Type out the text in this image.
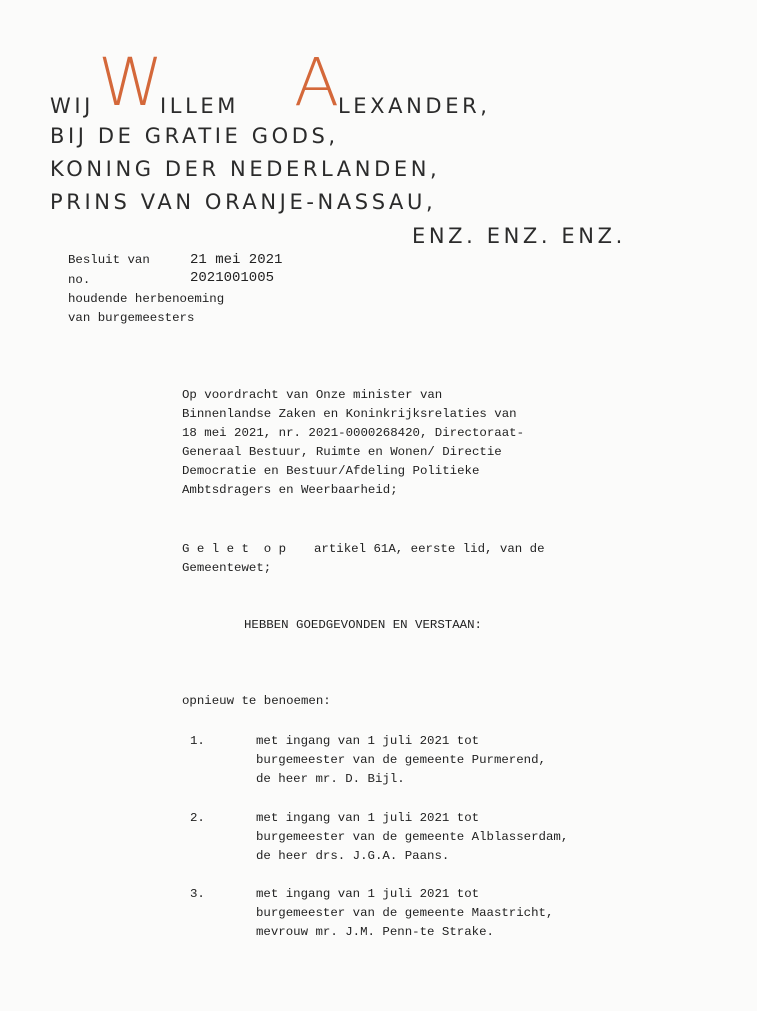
W A
WIJ	ILLEM	LEXANDER,
BIJ DE GRATIE GODS,
KONING DER NEDERLANDEN,
PRINS VAN ORANJE-NASSAU,
ENZ. ENZ. ENZ.
Besluit van	21 mei 2021
no.	2021001005
houdende herbenoeming
van burgemeesters
Op voordracht van Onze minister van
Binnenlandse Zaken en Koninkrijksrelaties van
18 mei 2021, nr. 2021-0000268420, Directoraat-
Generaal Bestuur, Ruimte en Wonen/ Directie
Democratie en Bestuur/Afdeling Politieke
Ambtsdragers en Weerbaarheid;
G e l e t  o p artikel 61A, eerste lid, van de
Gemeentewet;
HEBBEN GOEDGEVONDEN EN VERSTAAN:
opnieuw te benoemen:
1.	met ingang van 1 juli 2021 tot
burgemeester van de gemeente Purmerend,
de heer mr. D. Bijl.
2.	met ingang van 1 juli 2021 tot
burgemeester van de gemeente Alblasserdam,
de heer drs. J.G.A. Paans.
3.	met ingang van 1 juli 2021 tot
burgemeester van de gemeente Maastricht,
mevrouw mr. J.M. Penn-te Strake.
